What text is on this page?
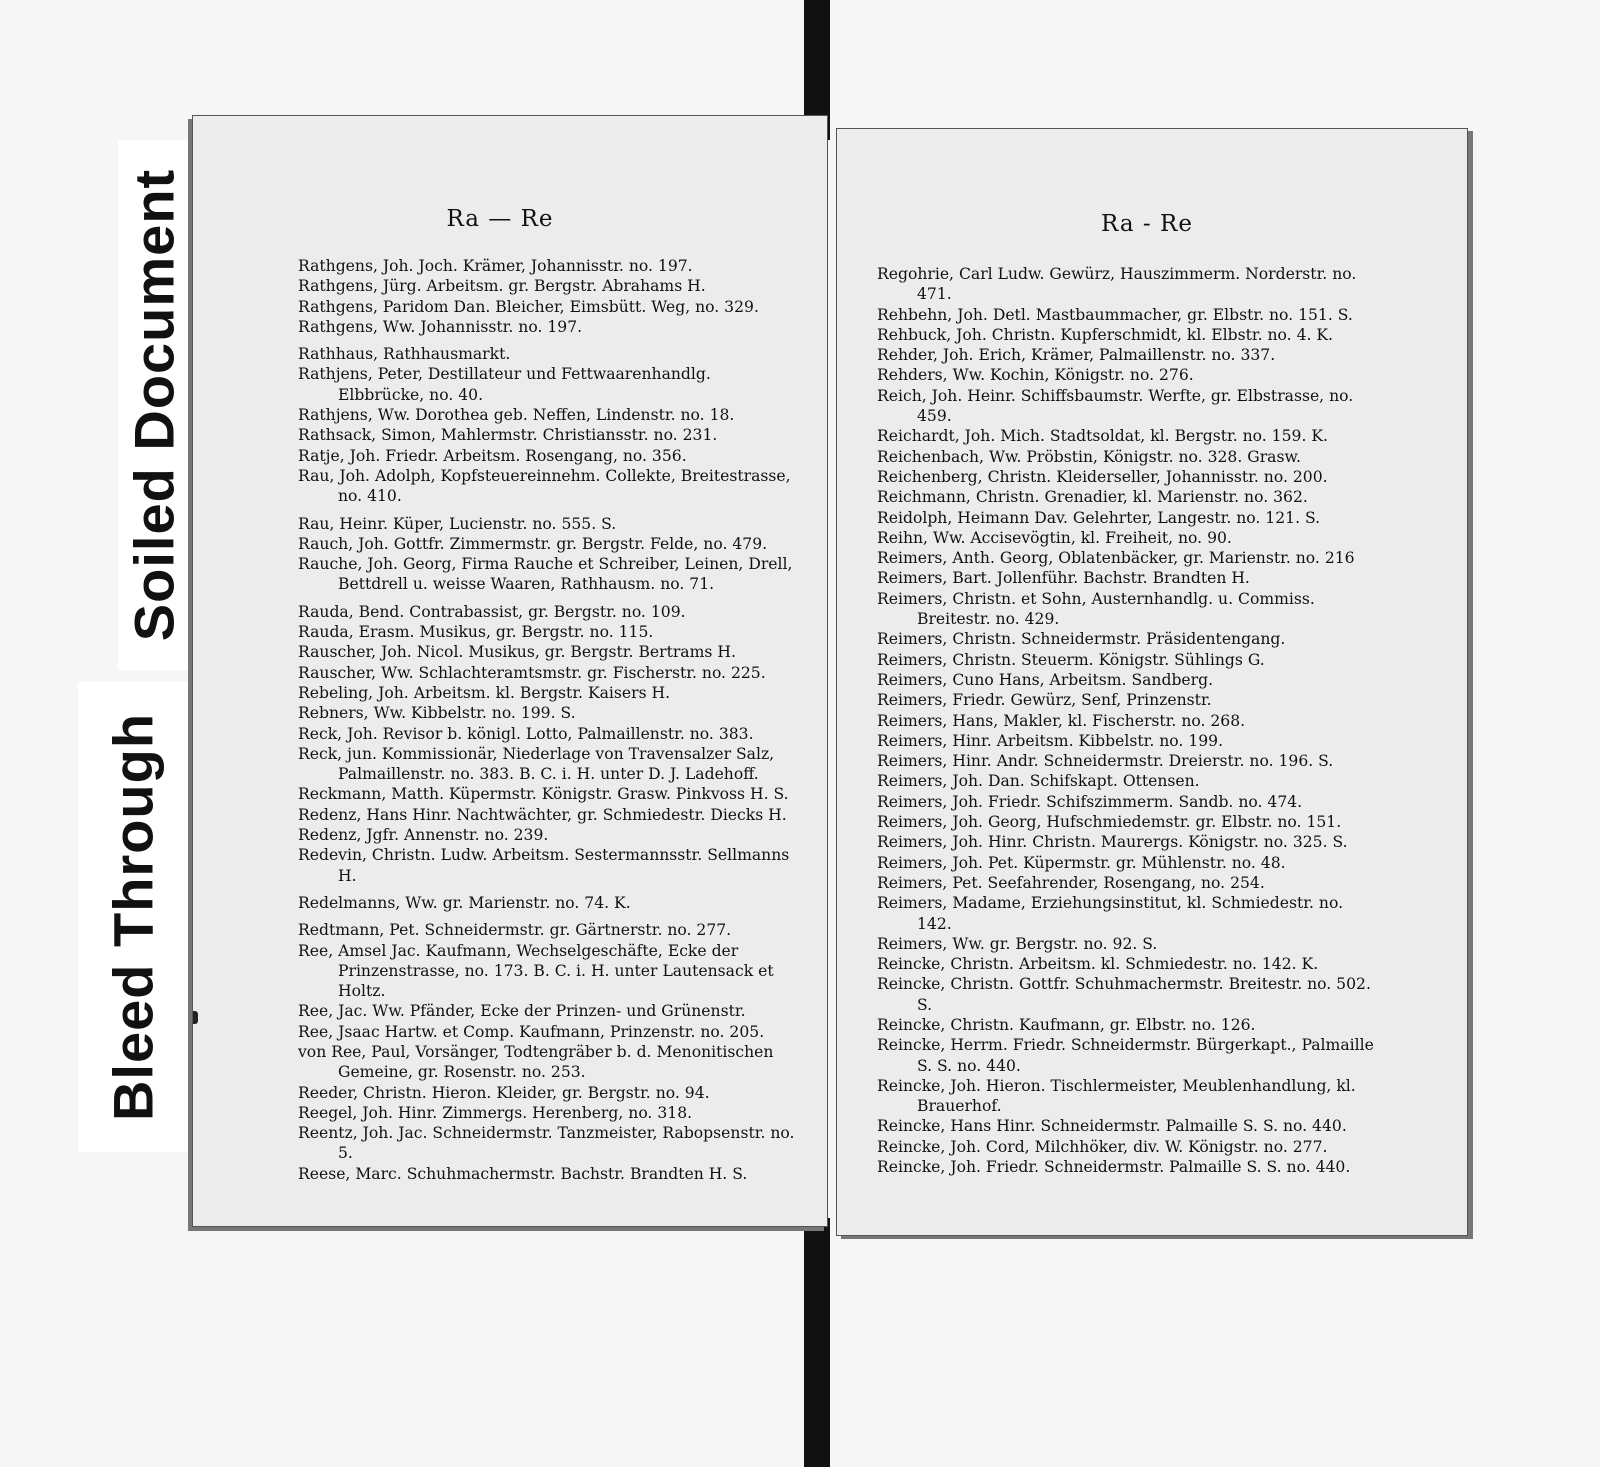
Soiled Document
Bleed Through
Ra — Re
Rathgens, Joh. Joch. Krämer, Johannisstr. no. 197.
Rathgens, Jürg. Arbeitsm. gr. Bergstr. Abrahams H.
Rathgens, Paridom Dan. Bleicher, Eimsbütt. Weg, no. 329.
Rathgens, Ww. Johannisstr. no. 197.
Rathhaus, Rathhausmarkt.
Rathjens, Peter, Destillateur und Fettwaarenhandlg. Elbbrücke, no. 40.
Rathjens, Ww. Dorothea geb. Neffen, Lindenstr. no. 18.
Rathsack, Simon, Mahlermstr. Christiansstr. no. 231.
Ratje, Joh. Friedr. Arbeitsm. Rosengang, no. 356.
Rau, Joh. Adolph, Kopfsteuereinnehm. Collekte, Breitestrasse, no. 410.
Rau, Heinr. Küper, Lucienstr. no. 555. S.
Rauch, Joh. Gottfr. Zimmermstr. gr. Bergstr. Felde, no. 479.
Rauche, Joh. Georg, Firma Rauche et Schreiber, Leinen, Drell, Bettdrell u. weisse Waaren, Rathhausm. no. 71.
Rauda, Bend. Contrabassist, gr. Bergstr. no. 109.
Rauda, Erasm. Musikus, gr. Bergstr. no. 115.
Rauscher, Joh. Nicol. Musikus, gr. Bergstr. Bertrams H.
Rauscher, Ww. Schlachteramtsmstr. gr. Fischerstr. no. 225.
Rebeling, Joh. Arbeitsm. kl. Bergstr. Kaisers H.
Rebners, Ww. Kibbelstr. no. 199. S.
Reck, Joh. Revisor b. königl. Lotto, Palmaillenstr. no. 383.
Reck, jun. Kommissionär, Niederlage von Travensalzer Salz, Palmaillenstr. no. 383. B. C. i. H. unter D. J. Ladehoff.
Reckmann, Matth. Küpermstr. Königstr. Grasw. Pinkvoss H. S.
Redenz, Hans Hinr. Nachtwächter, gr. Schmiedestr. Diecks H.
Redenz, Jgfr. Annenstr. no. 239.
Redevin, Christn. Ludw. Arbeitsm. Sestermannsstr. Sellmanns H.
Redelmanns, Ww. gr. Marienstr. no. 74. K.
Redtmann, Pet. Schneidermstr. gr. Gärtnerstr. no. 277.
Ree, Amsel Jac. Kaufmann, Wechselgeschäfte, Ecke der Prinzenstrasse, no. 173. B. C. i. H. unter Lautensack et Holtz.
Ree, Jac. Ww. Pfänder, Ecke der Prinzen- und Grünenstr.
Ree, Jsaac Hartw. et Comp. Kaufmann, Prinzenstr. no. 205.
von Ree, Paul, Vorsänger, Todtengräber b. d. Menonitischen Gemeine, gr. Rosenstr. no. 253.
Reeder, Christn. Hieron. Kleider, gr. Bergstr. no. 94.
Reegel, Joh. Hinr. Zimmergs. Herenberg, no. 318.
Reentz, Joh. Jac. Schneidermstr. Tanzmeister, Rabopsenstr. no. 5.
Reese, Marc. Schuhmachermstr. Bachstr. Brandten H. S.
Ra - Re
Regohrie, Carl Ludw. Gewürz, Hauszimmerm. Norderstr. no. 471.
Rehbehn, Joh. Detl. Mastbaummacher, gr. Elbstr. no. 151. S.
Rehbuck, Joh. Christn. Kupferschmidt, kl. Elbstr. no. 4. K.
Rehder, Joh. Erich, Krämer, Palmaillenstr. no. 337.
Rehders, Ww. Kochin, Königstr. no. 276.
Reich, Joh. Heinr. Schiffsbaumstr. Werfte, gr. Elbstrasse, no. 459.
Reichardt, Joh. Mich. Stadtsoldat, kl. Bergstr. no. 159. K.
Reichenbach, Ww. Pröbstin, Königstr. no. 328. Grasw.
Reichenberg, Christn. Kleiderseller, Johannisstr. no. 200.
Reichmann, Christn. Grenadier, kl. Marienstr. no. 362.
Reidolph, Heimann Dav. Gelehrter, Langestr. no. 121. S.
Reihn, Ww. Accisevögtin, kl. Freiheit, no. 90.
Reimers, Anth. Georg, Oblatenbäcker, gr. Marienstr. no. 216
Reimers, Bart. Jollenführ. Bachstr. Brandten H.
Reimers, Christn. et Sohn, Austernhandlg. u. Commiss. Breitestr. no. 429.
Reimers, Christn. Schneidermstr. Präsidentengang.
Reimers, Christn. Steuerm. Königstr. Sühlings G.
Reimers, Cuno Hans, Arbeitsm. Sandberg.
Reimers, Friedr. Gewürz, Senf, Prinzenstr.
Reimers, Hans, Makler, kl. Fischerstr. no. 268.
Reimers, Hinr. Arbeitsm. Kibbelstr. no. 199.
Reimers, Hinr. Andr. Schneidermstr. Dreierstr. no. 196. S.
Reimers, Joh. Dan. Schifskapt. Ottensen.
Reimers, Joh. Friedr. Schifszimmerm. Sandb. no. 474.
Reimers, Joh. Georg, Hufschmiedemstr. gr. Elbstr. no. 151.
Reimers, Joh. Hinr. Christn. Maurergs. Königstr. no. 325. S.
Reimers, Joh. Pet. Küpermstr. gr. Mühlenstr. no. 48.
Reimers, Pet. Seefahrender, Rosengang, no. 254.
Reimers, Madame, Erziehungsinstitut, kl. Schmiedestr. no. 142.
Reimers, Ww. gr. Bergstr. no. 92. S.
Reincke, Christn. Arbeitsm. kl. Schmiedestr. no. 142. K.
Reincke, Christn. Gottfr. Schuhmachermstr. Breitestr. no. 502. S.
Reincke, Christn. Kaufmann, gr. Elbstr. no. 126.
Reincke, Herrm. Friedr. Schneidermstr. Bürgerkapt., Palmaille S. S. no. 440.
Reincke, Joh. Hieron. Tischlermeister, Meublenhandlung, kl. Brauerhof.
Reincke, Hans Hinr. Schneidermstr. Palmaille S. S. no. 440.
Reincke, Joh. Cord, Milchhöker, div. W. Königstr. no. 277.
Reincke, Joh. Friedr. Schneidermstr. Palmaille S. S. no. 440.
